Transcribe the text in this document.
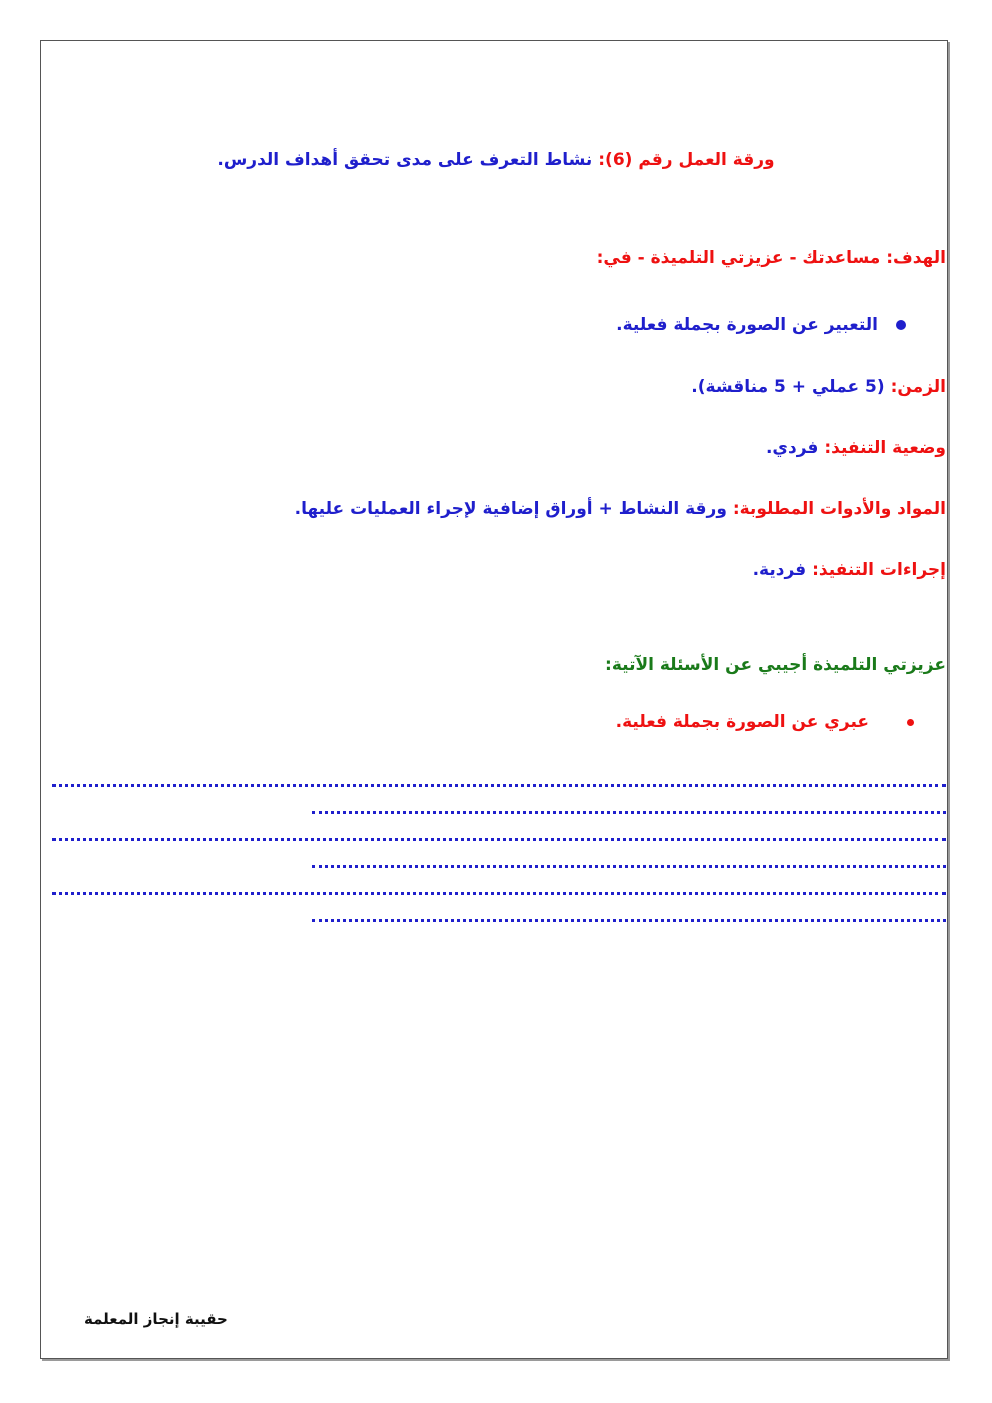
ورقة العمل رقم (6): نشاط التعرف على مدى تحقق أهداف الدرس.
الهدف: مساعدتك - عزيزتي التلميذة - في:
التعبير عن الصورة بجملة فعلية.
الزمن: (5 عملي + 5 مناقشة).
وضعية التنفيذ: فردي.
المواد والأدوات المطلوبة: ورقة النشاط + أوراق إضافية لإجراء العمليات عليها.
إجراءات التنفيذ: فردية.
عزيزتي التلميذة أجيبي عن الأسئلة الآتية:
عبري عن الصورة بجملة فعلية.
حقيبة إنجاز المعلمة
